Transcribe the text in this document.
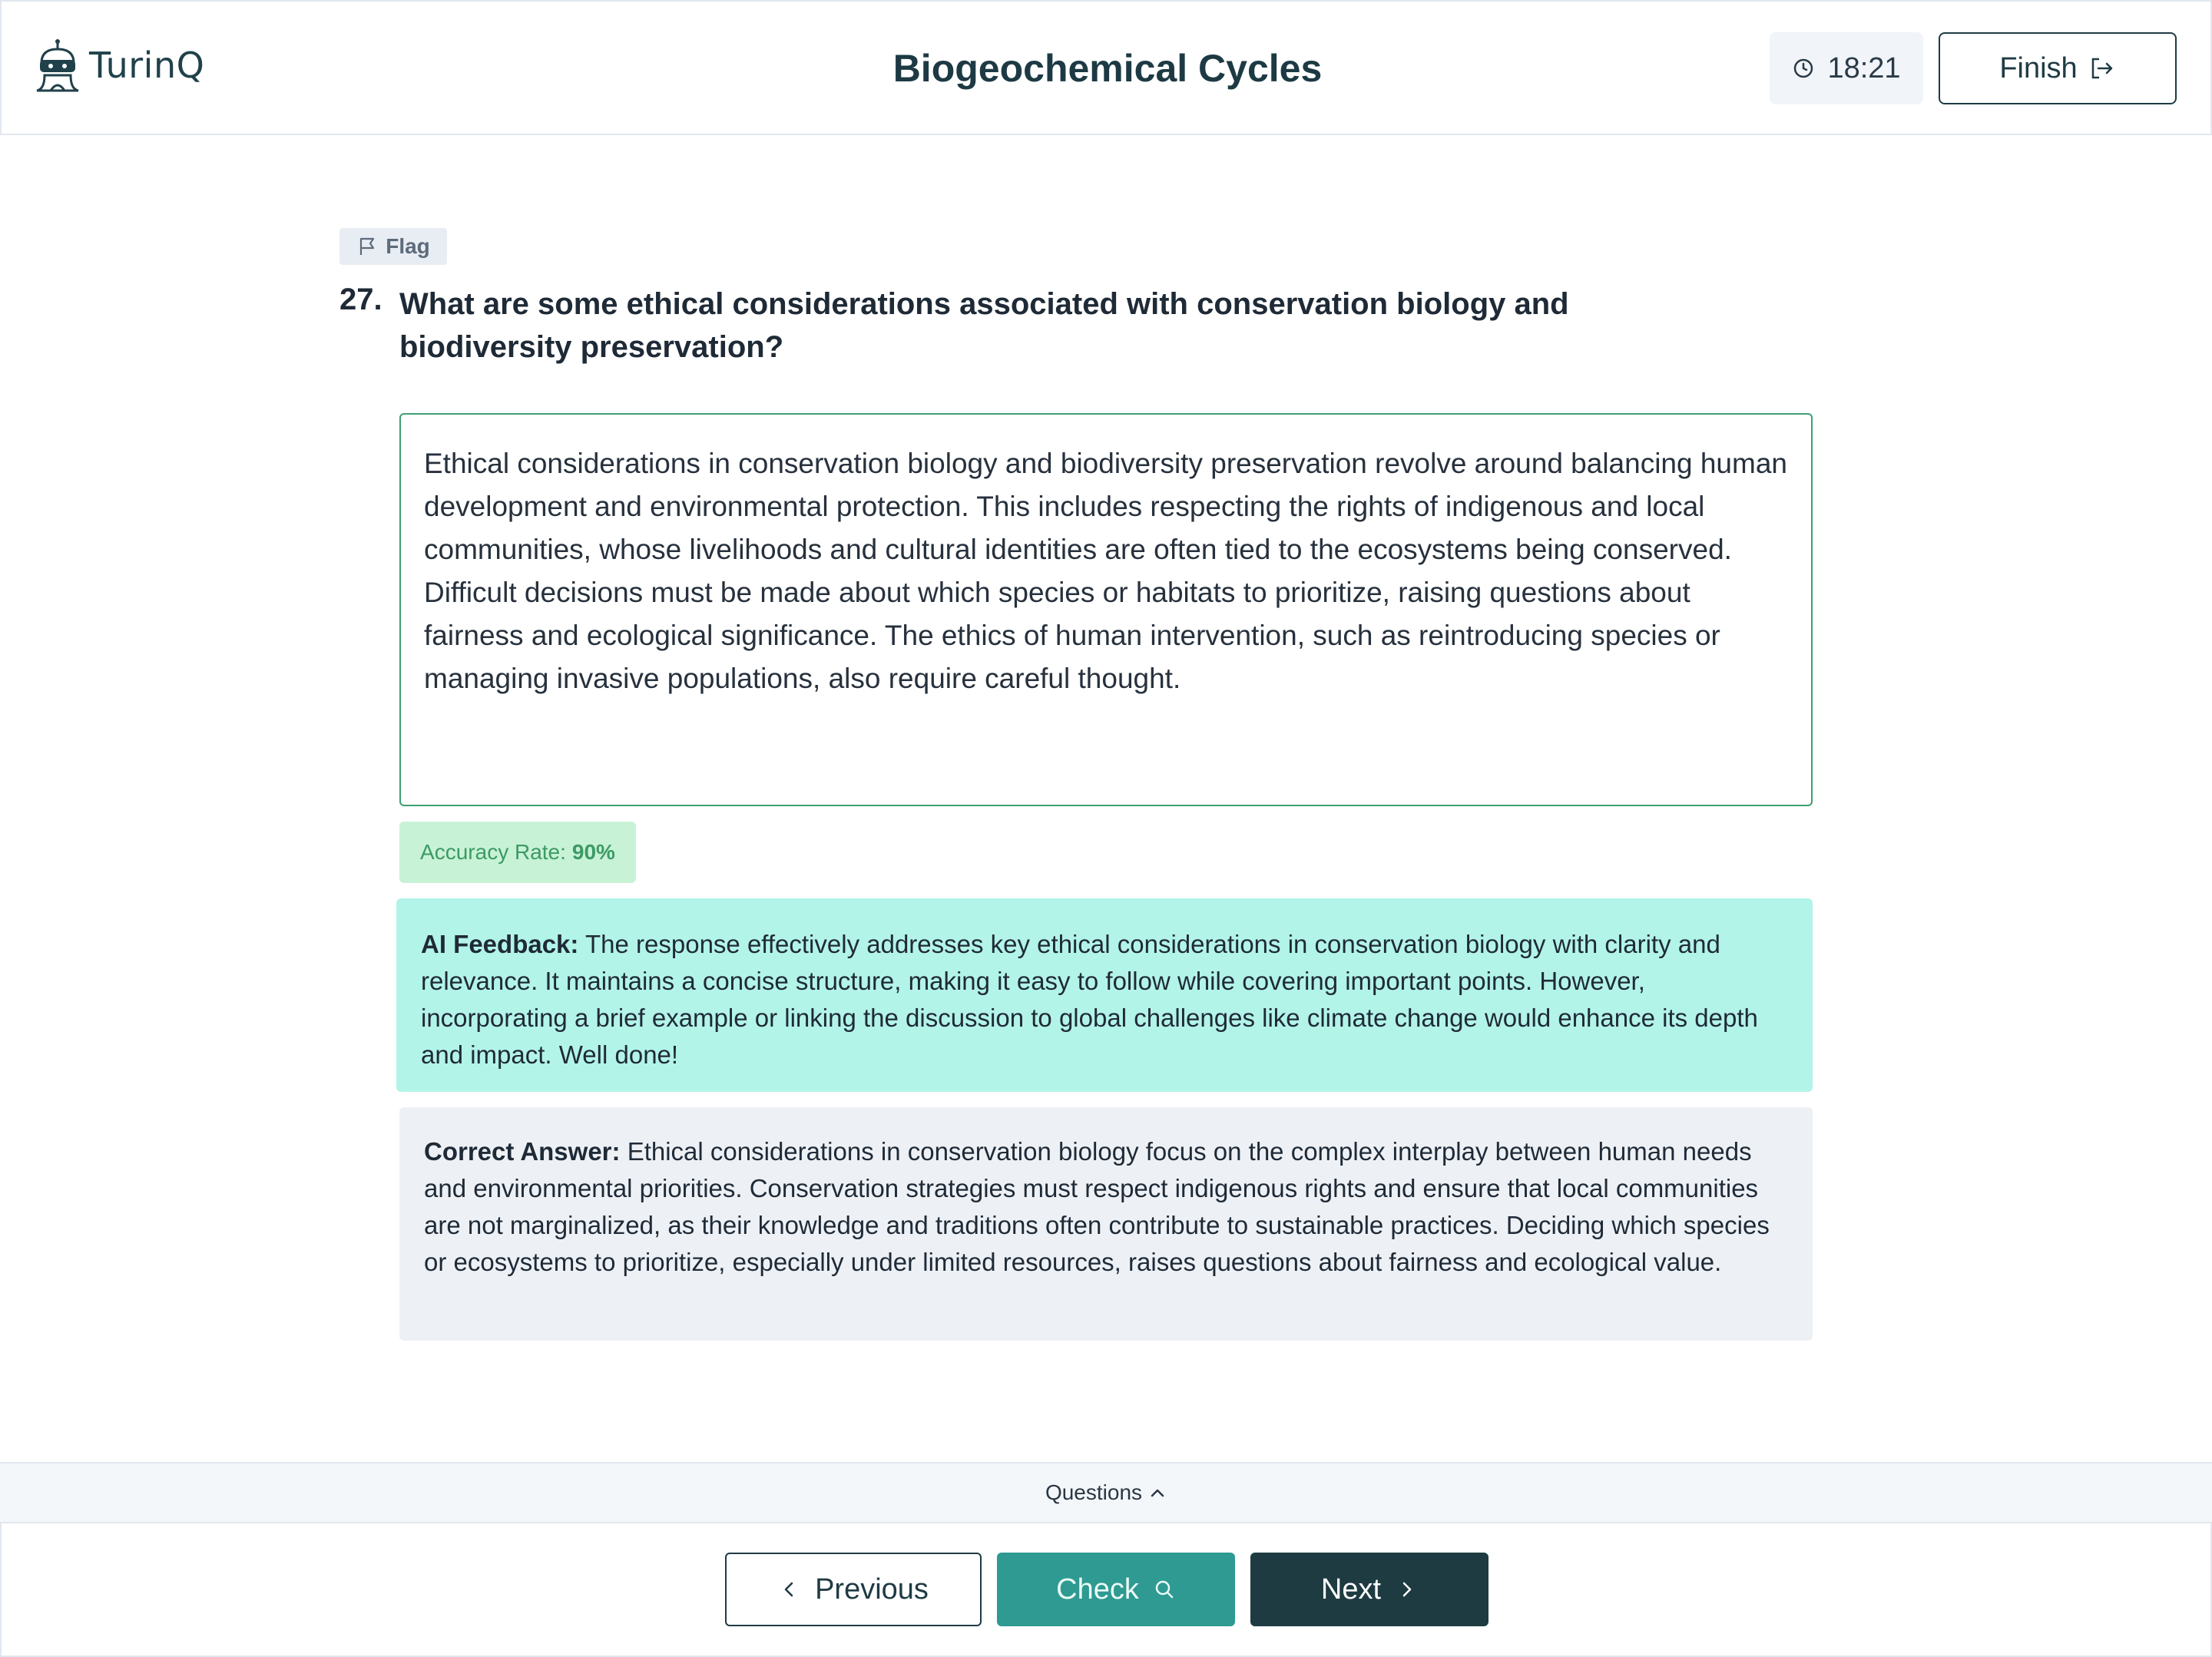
TurinQ	Biogeochemical Cycles	18:21	Finish
Flag
27. What are some ethical considerations associated with conservation biology and biodiversity preservation?
Ethical considerations in conservation biology and biodiversity preservation revolve around balancing human development and environmental protection. This includes respecting the rights of indigenous and local communities, whose livelihoods and cultural identities are often tied to the ecosystems being conserved. Difficult decisions must be made about which species or habitats to prioritize, raising questions about fairness and ecological significance. The ethics of human intervention, such as reintroducing species or managing invasive populations, also require careful thought.
Accuracy Rate: 90%
AI Feedback: The response effectively addresses key ethical considerations in conservation biology with clarity and relevance. It maintains a concise structure, making it easy to follow while covering important points. However, incorporating a brief example or linking the discussion to global challenges like climate change would enhance its depth and impact. Well done!
Correct Answer: Ethical considerations in conservation biology focus on the complex interplay between human needs and environmental priorities. Conservation strategies must respect indigenous rights and ensure that local communities are not marginalized, as their knowledge and traditions often contribute to sustainable practices. Deciding which species or ecosystems to prioritize, especially under limited resources, raises questions about fairness and ecological value.
Questions
Previous	Check	Next
